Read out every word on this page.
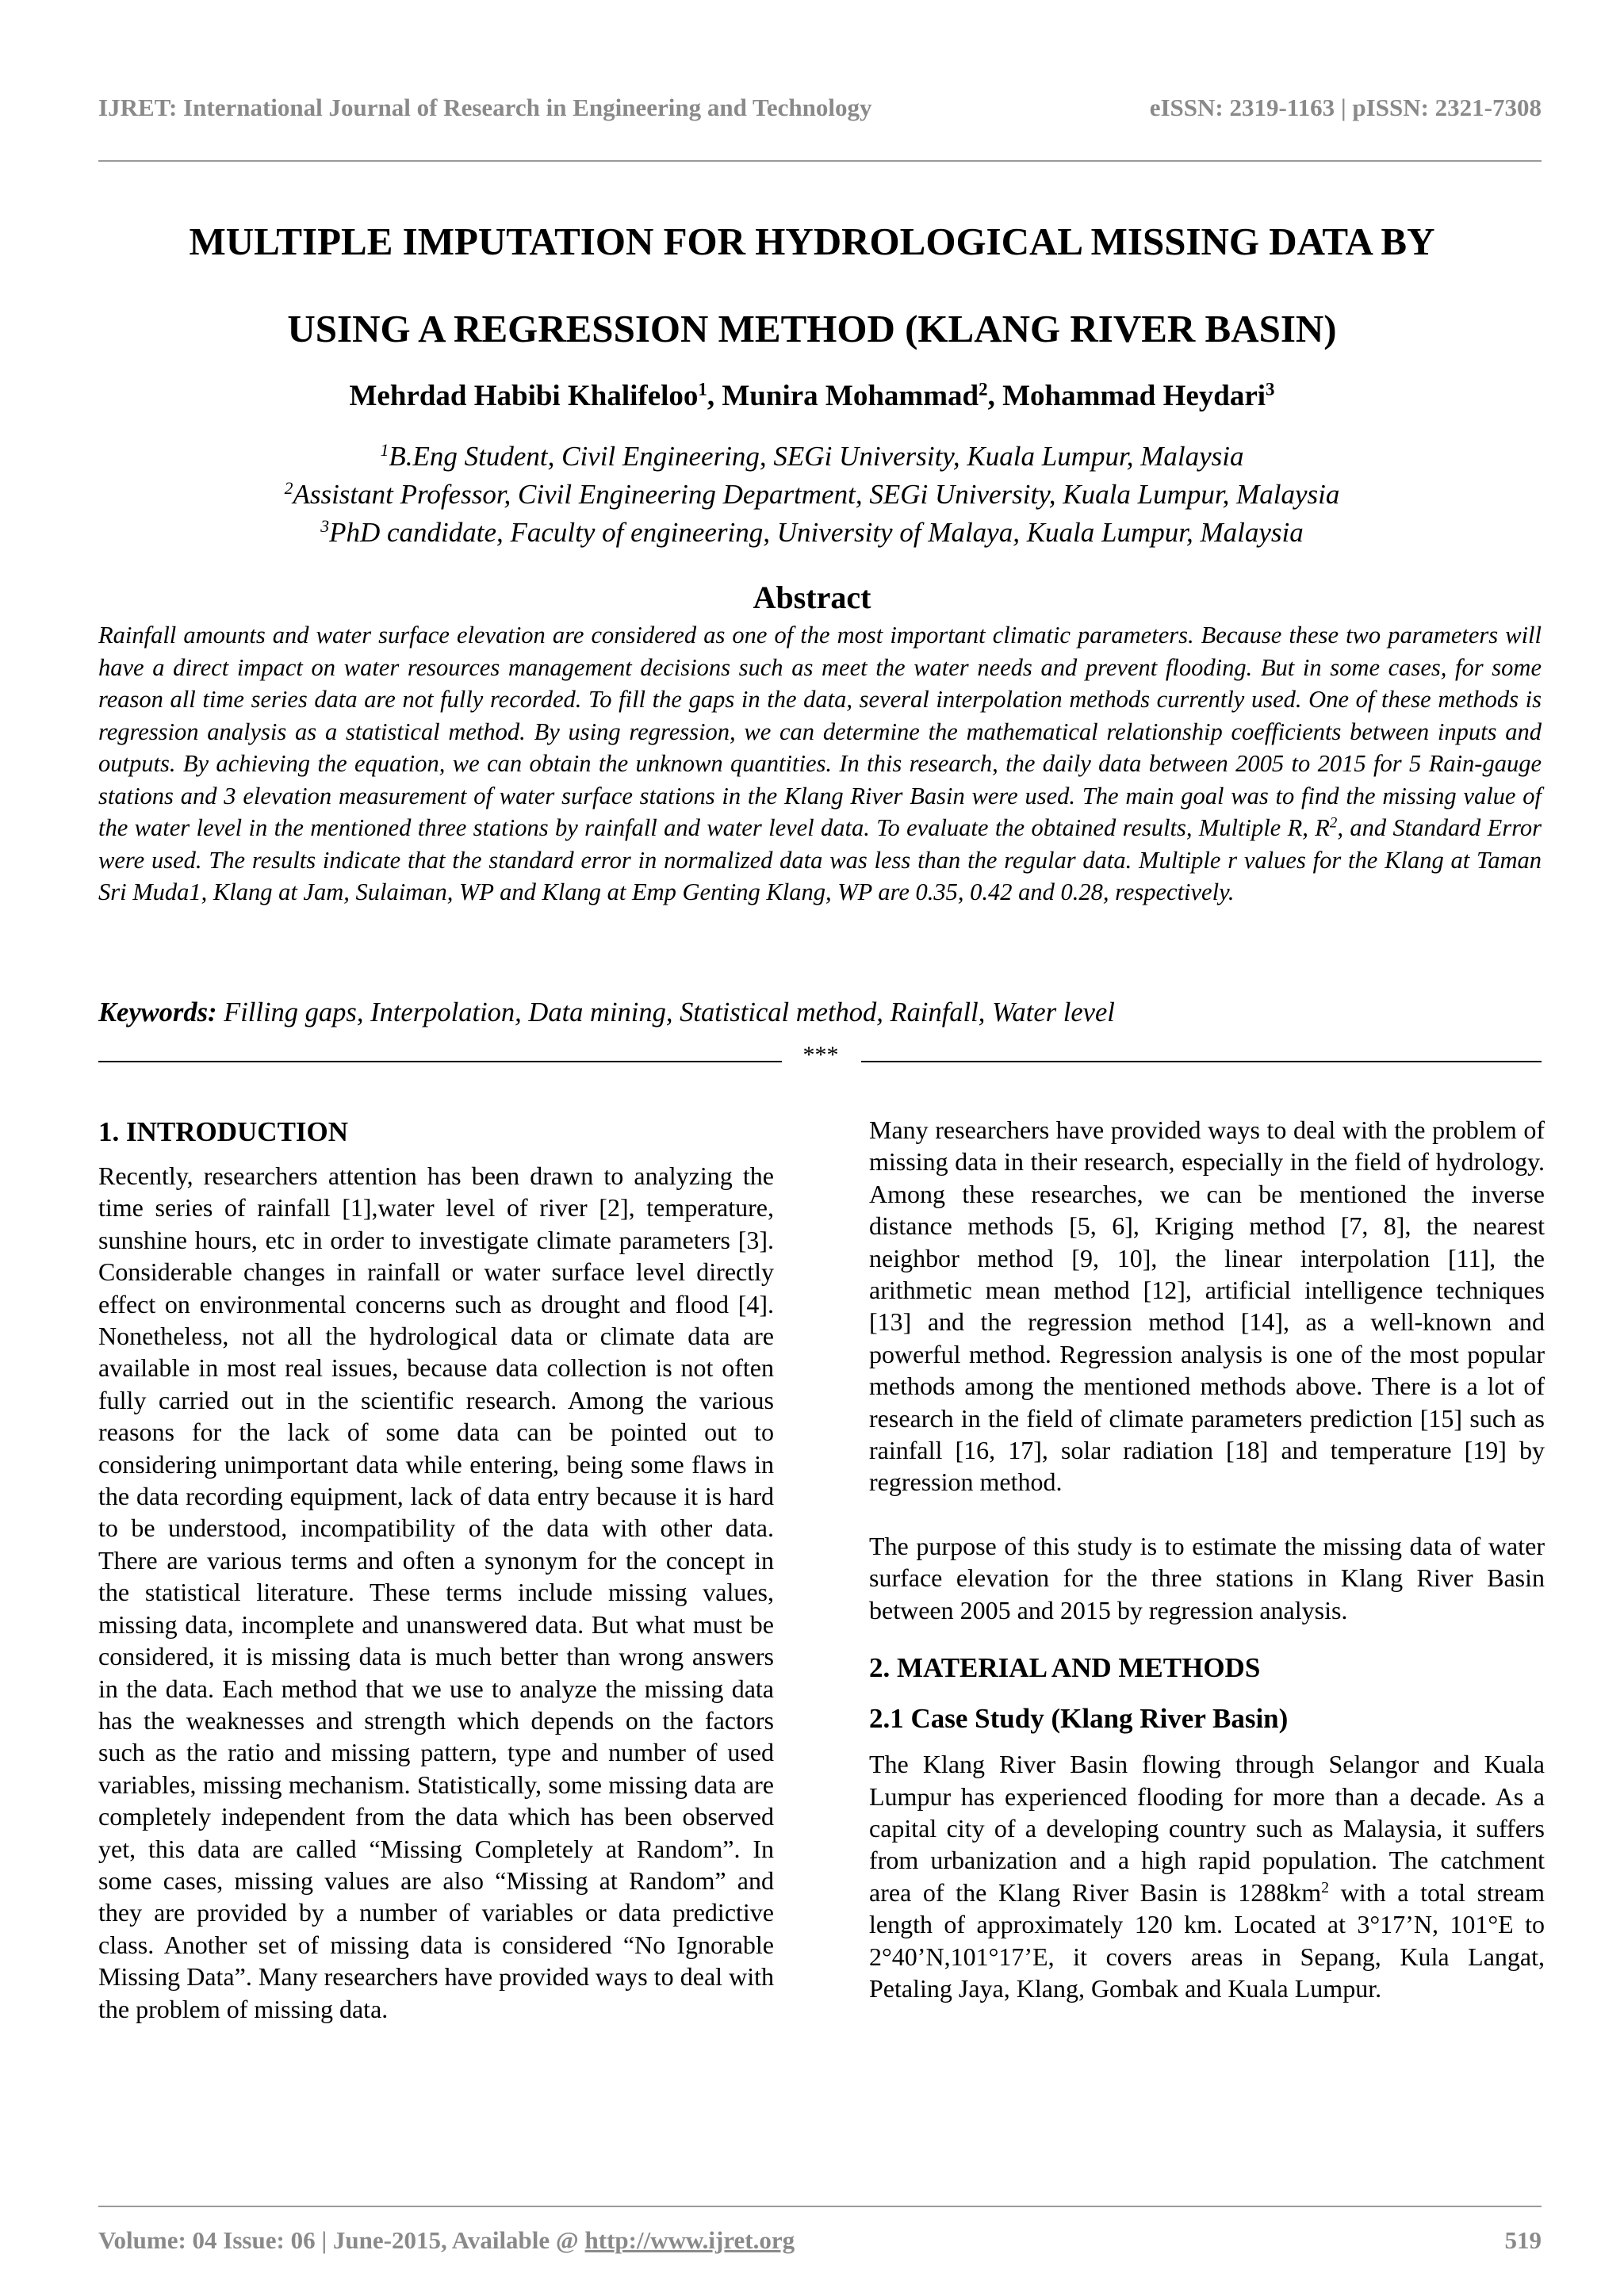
IJRET: International Journal of Research in Engineering and Technology	eISSN: 2319-1163 | pISSN: 2321-7308
MULTIPLE IMPUTATION FOR HYDROLOGICAL MISSING DATA BY
USING A REGRESSION METHOD (KLANG RIVER BASIN)
Mehrdad Habibi Khalifeloo$^1$, Munira Mohammad$^2$, Mohammad Heydari$^3$
$^1$B.Eng Student, Civil Engineering, SEGi University, Kuala Lumpur, Malaysia
$^2$Assistant Professor, Civil Engineering Department, SEGi University, Kuala Lumpur, Malaysia
$^3$PhD candidate, Faculty of engineering, University of Malaya, Kuala Lumpur, Malaysia
Abstract

Rainfall amounts and water surface elevation are considered as one of the most important climatic parameters. Because these two parameters will have a direct impact on water resources management decisions such as meet the water needs and prevent flooding. But in some cases, for some reason all time series data are not fully recorded. To fill the gaps in the data, several interpolation methods currently used. One of these methods is regression analysis as a statistical method. By using regression, we can determine the mathematical relationship coefficients between inputs and outputs. By achieving the equation, we can obtain the unknown quantities. In this research, the daily data between 2005 to 2015 for 5 Rain-gauge stations and 3 elevation measurement of water surface stations in the Klang River Basin were used. The main goal was to find the missing value of the water level in the mentioned three stations by rainfall and water level data. To evaluate the obtained results, Multiple R, $R^2$, and Standard Error were used. The results indicate that the standard error in normalized data was less than the regular data. Multiple r values for the Klang at Taman Sri Muda1, Klang at Jam, Sulaiman, WP and Klang at Emp Genting Klang, WP are 0.35, 0.42 and 0.28, respectively.

Keywords: Filling gaps, Interpolation, Data mining, Statistical method, Rainfall, Water level
***
1. INTRODUCTION

Recently, researchers attention has been drawn to analyzing the time series of rainfall [1],water level of river [2], temperature, sunshine hours, etc in order to investigate climate parameters [3]. Considerable changes in rainfall or water surface level directly effect on environmental concerns such as drought and flood [4]. Nonetheless, not all the hydrological data or climate data are available in most real issues, because data collection is not often fully carried out in the scientific research. Among the various reasons for the lack of some data can be pointed out to considering unimportant data while entering, being some flaws in the data recording equipment, lack of data entry because it is hard to be understood, incompatibility of the data with other data. There are various terms and often a synonym for the concept in the statistical literature. These terms include missing values, missing data, incomplete and unanswered data. But what must be considered, it is missing data is much better than wrong answers in the data. Each method that we use to analyze the missing data has the weaknesses and strength which depends on the factors such as the ratio and missing pattern, type and number of used variables, missing mechanism. Statistically, some missing data are completely independent from the data which has been observed yet, this data are called “Missing Completely at Random”. In some cases, missing values are also “Missing at Random” and they are provided by a number of variables or data predictive class. Another set of missing data is considered “No Ignorable Missing Data”. Many researchers have provided ways to deal with the problem of missing data.

Many researchers have provided ways to deal with the problem of missing data in their research, especially in the field of hydrology. Among these researches, we can be mentioned the inverse distance methods [5, 6], Kriging method [7, 8], the nearest neighbor method [9, 10], the linear interpolation [11], the arithmetic mean method [12], artificial intelligence techniques [13] and the regression method [14], as a well-known and powerful method. Regression analysis is one of the most popular methods among the mentioned methods above. There is a lot of research in the field of climate parameters prediction [15] such as rainfall [16, 17], solar radiation [18] and temperature [19] by regression method.

The purpose of this study is to estimate the missing data of water surface elevation for the three stations in Klang River Basin between 2005 and 2015 by regression analysis.

2. MATERIAL AND METHODS
2.1 Case Study (Klang River Basin)

The Klang River Basin flowing through Selangor and Kuala Lumpur has experienced flooding for more than a decade. As a capital city of a developing country such as Malaysia, it suffers from urbanization and a high rapid population. The catchment area of the Klang River Basin is $1288km^2$ with a total stream length of approximately 120 km. Located at 3°17’N, 101°E to 2°40’N,101°17’E, it covers areas in Sepang, Kula Langat, Petaling Jaya, Klang, Gombak and Kuala Lumpur.

Volume: 04 Issue: 06 | June-2015, Available @ http://www.ijret.org	519
